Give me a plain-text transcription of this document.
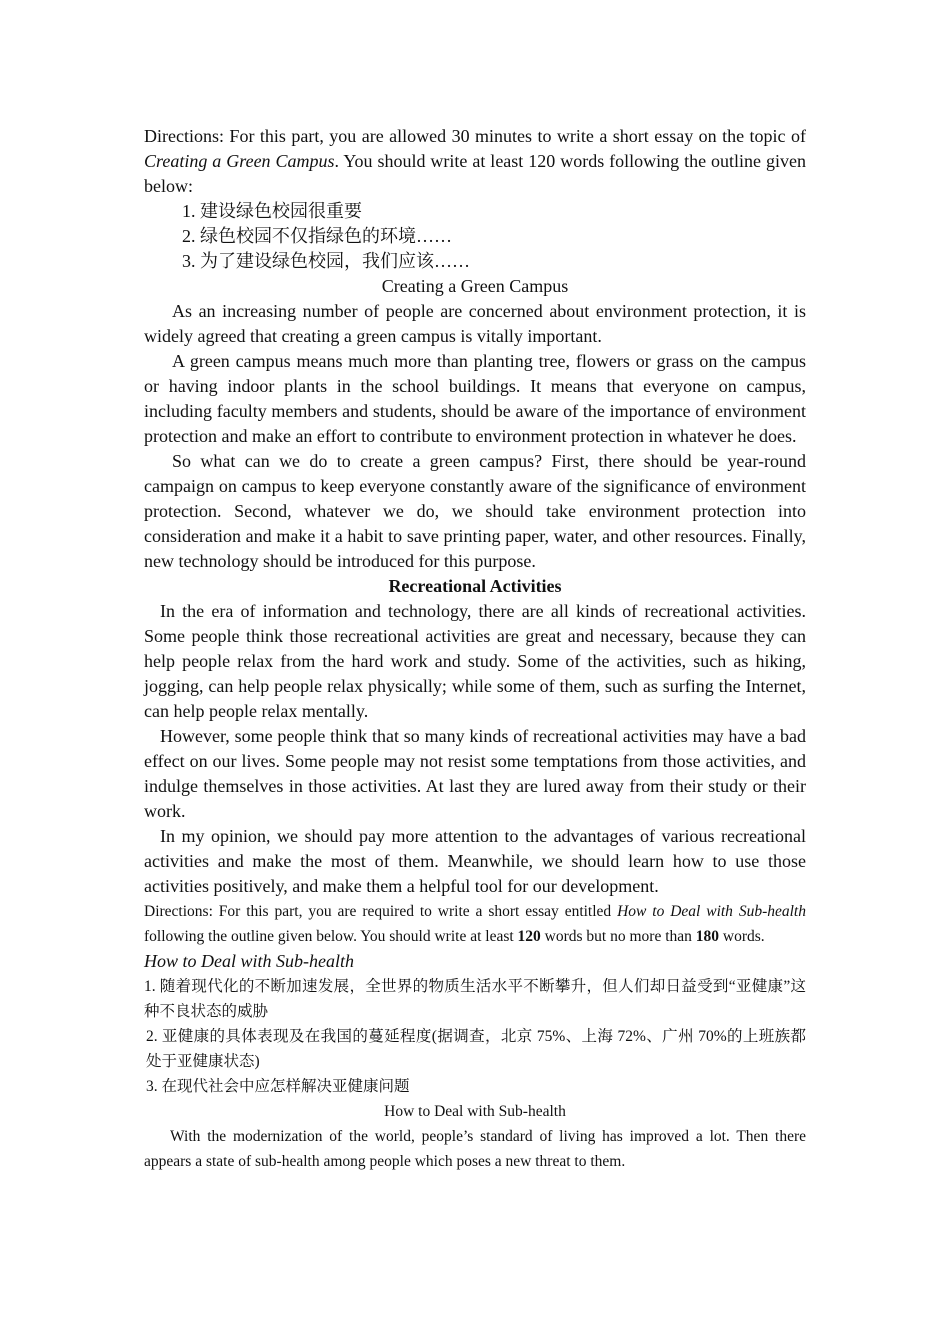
Directions: For this part, you are allowed 30 minutes to write a short essay on the topic of Creating a Green Campus. You should write at least 120 words following the outline given below:

1. 建设绿色校园很重要

2. 绿色校园不仅指绿色的环境……

3. 为了建设绿色校园，我们应该……

Creating a Green Campus

As an increasing number of people are concerned about environment protection, it is widely agreed that creating a green campus is vitally important.

A green campus means much more than planting tree, flowers or grass on the campus or having indoor plants in the school buildings. It means that everyone on campus, including faculty members and students, should be aware of the importance of environment protection and make an effort to contribute to environment protection in whatever he does.

So what can we do to create a green campus? First, there should be year-round campaign on campus to keep everyone constantly aware of the significance of environment protection. Second, whatever we do, we should take environment protection into consideration and make it a habit to save printing paper, water, and other resources. Finally, new technology should be introduced for this purpose.

Recreational Activities

In the era of information and technology, there are all kinds of recreational activities. Some people think those recreational activities are great and necessary, because they can help people relax from the hard work and study. Some of the activities, such as hiking, jogging, can help people relax physically; while some of them, such as surfing the Internet, can help people relax mentally.

However, some people think that so many kinds of recreational activities may have a bad effect on our lives. Some people may not resist some temptations from those activities, and indulge themselves in those activities. At last they are lured away from their study or their work.

In my opinion, we should pay more attention to the advantages of various recreational activities and make the most of them. Meanwhile, we should learn how to use those activities positively, and make them a helpful tool for our development.

Directions: For this part, you are required to write a short essay entitled How to Deal with Sub-health following the outline given below. You should write at least 120 words but no more than 180 words.

How to Deal with Sub-health

1. 随着现代化的不断加速发展，全世界的物质生活水平不断攀升，但人们却日益受到“亚健康”这种不良状态的威胁

2. 亚健康的具体表现及在我国的蔓延程度(据调查，北京 75%、上海 72%、广州 70%的上班族都处于亚健康状态)

3. 在现代社会中应怎样解决亚健康问题

How to Deal with Sub-health

With the modernization of the world, people’s standard of living has improved a lot. Then there appears a state of sub-health among people which poses a new threat to them.
